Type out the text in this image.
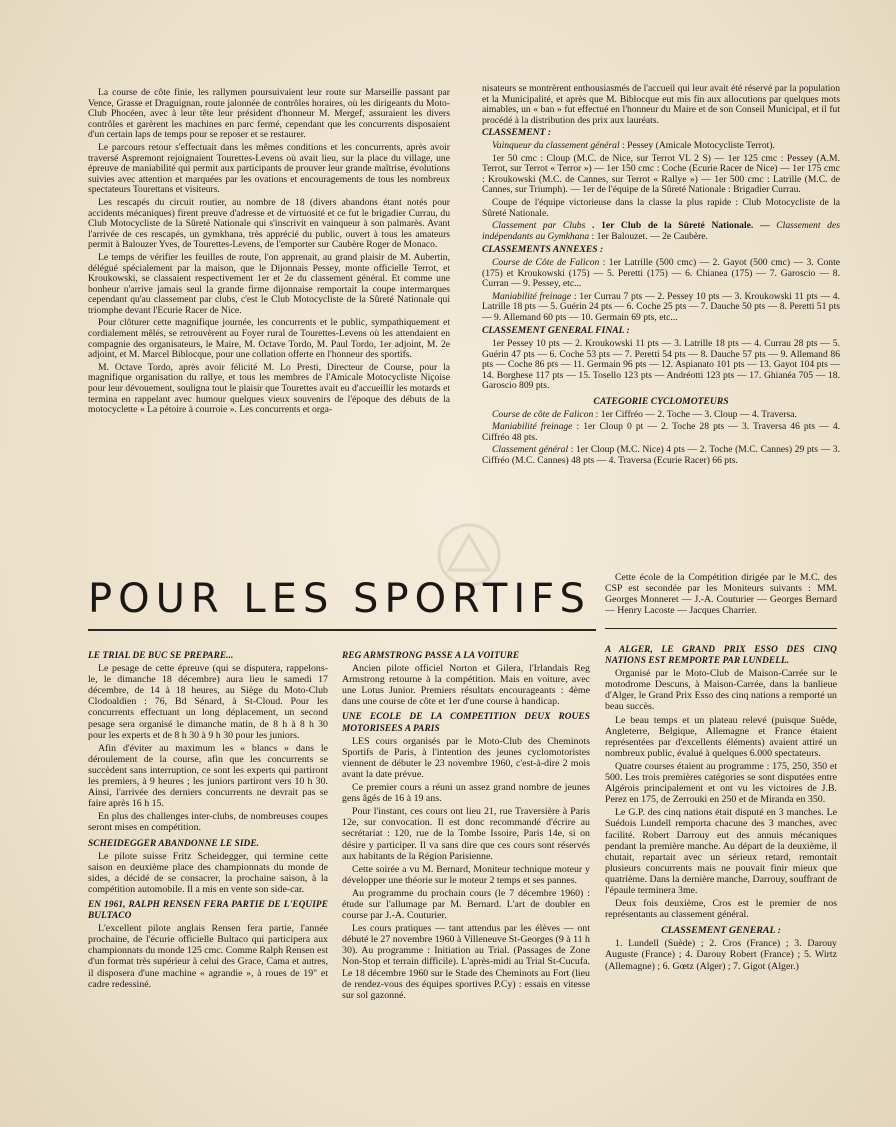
La course de côte finie, les rallymen poursuivaient leur route sur Marseille passant par Vence, Grasse et Draguignan, route jalonnée de contrôles horaires, où les dirigeants du Moto-Club Phocéen, avec à leur tête leur président d'honneur M. Mergef, assuraient les divers contrôles et garèrent les machines en parc fermé, cependant que les concurrents disposaient d'un certain laps de temps pour se reposer et se restaurer.

Le parcours retour s'effectuait dans les mêmes conditions et les concurrents, après avoir traversé Aspremont rejoignaient Tourettes-Levens où avait lieu, sur la place du village, une épreuve de maniabilité qui permit aux participants de prouver leur grande maîtrise, évolutions suivies avec attention et marquées par les ovations et encouragements de tous les nombreux spectateurs Tourettans et visiteurs.

Les rescapés du circuit routier, au nombre de 18 (divers abandons étant notés pour accidents mécaniques) firent preuve d'adresse et de virtuosité et ce fut le brigadier Currau, du Club Motocycliste de la Sûreté Nationale qui s'inscrivit en vainqueur à son palmarès. Avant l'arrivée de ces rescapés, un gymkhana, très apprécié du public, ouvert à tous les amateurs permit à Balouzer Yves, de Tourettes-Levens, de l'emporter sur Caubère Roger de Monaco.

Le temps de vérifier les feuilles de route, l'on apprenait, au grand plaisir de M. Aubertin, délégué spécialement par la maison, que le Dijonnais Pessey, monte officielle Terrot, et Kroukowski, se classaient respectivement 1er et 2e du classement général. Et comme une bonheur n'arrive jamais seul la grande firme dijonnaise remportait la coupe intermarques cependant qu'au classement par clubs, c'est le Club Motocycliste de la Sûreté Nationale qui triomphe devant l'Ecurie Racer de Nice.

Pour clôturer cette magnifique journée, les concurrents et le public, sympathiquement et cordialement mêlés, se retrouvèrent au Foyer rural de Tourettes-Levens où les attendaient en compagnie des organisateurs, le Maire, M. Octave Tordo, M. Paul Tordo, 1er adjoint, M. 2e adjoint, et M. Marcel Biblocque, pour une collation offerte en l'honneur des sportifs.

M. Octave Tordo, après avoir félicité M. Lo Presti, Directeur de Course, pour la magnifique organisation du rallye, et tous les membres de l'Amicale Motocycliste Niçoise pour leur dévouement, souligna tout le plaisir que Tourettes avait eu d'accueillir les motards et termina en rappelant avec humour quelques vieux souvenirs de l'époque des débuts de la motocyclette « La pétoire à courroie ». Les concurrents et orga-

nisateurs se montrèrent enthousiasmés de l'accueil qui leur avait été réservé par la population et la Municipalité, et après que M. Biblocque eut mis fin aux allocutions par quelques mots aimables, un « ban » fut effectué en l'honneur du Maire et de son Conseil Municipal, et il fut procédé à la distribution des prix aux lauréats.

CLASSEMENT :

Vainqueur du classement général : Pessey (Amicale Motocycliste Terrot).

1er 50 cmc : Cloup (M.C. de Nice, sur Terrot VL 2 S) — 1er 125 cmc : Pessey (A.M. Terrot, sur Terrot « Terror ») — 1er 150 cmc : Coche (Ecurie Racer de Nice) — 1er 175 cmc : Kroukowski (M.C. de Cannes, sur Terrot « Rallye ») — 1er 500 cmc : Latrille (M.C. de Cannes, sur Triumph). — 1er de l'équipe de la Sûreté Nationale : Brigadier Currau.

Coupe de l'équipe victorieuse dans la classe la plus rapide : Club Motocycliste de la Sûreté Nationale.

Classement par Clubs . 1er Club de la Sûreté Nationale. — Classement des indépendants au Gymkhana : 1er Balouzet. — 2e Caubère.

CLASSEMENTS ANNEXES :

Course de Côte de Falicon : 1er Latrille (500 cmc) — 2. Gayot (500 cmc) — 3. Conte (175) et Kroukowski (175) — 5. Peretti (175) — 6. Chianea (175) — 7. Garoscio — 8. Curran — 9. Pessey, etc...

Maniabilité freinage : 1er Currau 7 pts — 2. Pessey 10 pts — 3. Kroukowski 11 pts — 4. Latrille 18 pts — 5. Guérin 24 pts — 6. Coche 25 pts — 7. Dauche 50 pts — 8. Peretti 51 pts — 9. Allemand 60 pts — 10. Germain 69 pts, etc...

CLASSEMENT GENERAL FINAL :

1er Pessey 10 pts — 2. Kroukowski 11 pts — 3. Latrille 18 pts — 4. Currau 28 pts — 5. Guérin 47 pts — 6. Coche 53 pts — 7. Peretti 54 pts — 8. Dauche 57 pts — 9. Allemand 86 pts — Coche 86 pts — 11. Germain 96 pts — 12. Aspianato 101 pts — 13. Gayot 104 pts — 14. Borghese 117 pts — 15. Tosello 123 pts — Andréotti 123 pts — 17. Ghianéa 705 — 18. Garoscio 809 pts.

CATEGORIE CYCLOMOTEURS

Course de côte de Falicon : 1er Ciffréo — 2. Toche — 3. Cloup — 4. Traversa.

Maniabilité freinage : 1er Cloup 0 pt — 2. Toche 28 pts — 3. Traversa 46 pts — 4. Ciffréo 48 pts.

Classement général : 1er Cloup (M.C. Nice) 4 pts — 2. Toche (M.C. Cannes) 29 pts — 3. Ciffréo (M.C. Cannes) 48 pts — 4. Traversa (Ecurie Racer) 66 pts.

POUR LES SPORTIFS	Cette école de la Compétition dirigée par le M.C. des CSP est secondée par les Moniteurs suivants : MM. Georges Monneret — J.-A. Couturier — Georges Bernard — Henry Lacoste — Jacques Charrier.

LE TRIAL DE BUC SE PREPARE...

Le pesage de cette épreuve (qui se disputera, rappelons-le, le dimanche 18 décembre) aura lieu le samedi 17 décembre, de 14 à 18 heures, au Siège du Moto-Club Clodoaldien : 76, Bd Sénard, à St-Cloud. Pour les concurrents effectuant un long déplacement, un second pesage sera organisé le dimanche matin, de 8 h à 8 h 30 pour les experts et de 8 h 30 à 9 h 30 pour les juniors.

Afin d'éviter au maximum les « blancs » dans le déroulement de la course, afin que les concurrents se succèdent sans interruption, ce sont les experts qui partiront les premiers, à 9 heures ; les juniors partiront vers 10 h 30. Ainsi, l'arrivée des derniers concurrents ne devrait pas se faire après 16 h 15.

En plus des challenges inter-clubs, de nombreuses coupes seront mises en compétition.

SCHEIDEGGER ABANDONNE LE SIDE.

Le pilote suisse Fritz Scheidegger, qui termine cette saison en deuxième place des championnats du monde de sides, a décidé de se consacrer, la prochaine saison, à la compétition automobile. Il a mis en vente son side-car.

EN 1961, RALPH RENSEN FERA PARTIE DE L'EQUIPE BULTACO

L'excellent pilote anglais Rensen fera partie, l'année prochaine, de l'écurie officielle Bultaco qui participera aux championnats du monde 125 cmc. Comme Ralph Rensen est d'un format très supérieur à celui des Grace, Cama et autres, il disposera d'une machine « agrandie », à roues de 19" et cadre redessiné.

REG ARMSTRONG PASSE A LA VOITURE

Ancien pilote officiel Norton et Gilera, l'Irlandais Reg Armstrong retourne à la compétition. Mais en voiture, avec une Lotus Junior. Premiers résultats encourageants : 4ème dans une course de côte et 1er d'une course à handicap.

UNE ECOLE DE LA COMPETITION DEUX ROUES MOTORISEES A PARIS

LES cours organisés par le Moto-Club des Cheminots Sportifs de Paris, à l'intention des jeunes cyclomotoristes viennent de débuter le 23 novembre 1960, c'est-à-dire 2 mois avant la date prévue.

Ce premier cours a réuni un assez grand nombre de jeunes gens âgés de 16 à 19 ans.

Pour l'instant, ces cours ont lieu 21, rue Traversière à Paris 12e, sur convocation. Il est donc recommandé d'écrire au secrétariat : 120, rue de la Tombe Issoire, Paris 14e, si on désire y participer. Il va sans dire que ces cours sont réservés aux habitants de la Région Parisienne.

Cette soirée a vu M. Bernard, Moniteur technique moteur y développer une théorie sur le moteur 2 temps et ses pannes.

Au programme du prochain cours (le 7 décembre 1960) : étude sur l'allumage par M. Bernard. L'art de doubler en course par J.-A. Couturier.

Les cours pratiques — tant attendus par les élèves — ont débuté le 27 novembre 1960 à Villeneuve St-Georges (9 à 11 h 30). Au programme : Initiation au Trial. (Passages de Zone Non-Stop et terrain difficile). L'après-midi au Trial St-Cucufa. Le 18 décembre 1960 sur le Stade des Cheminots au Fort (lieu de rendez-vous des équipes sportives P.Cy) : essais en vitesse sur sol gazonné.

A ALGER, LE GRAND PRIX ESSO DES CINQ NATIONS EST REMPORTE PAR LUNDELL.

Organisé par le Moto-Club de Maison-Carrée sur le motodrome Descuns, à Maison-Carrée, dans la banlieue d'Alger, le Grand Prix Esso des cinq nations a remporté un beau succès.

Le beau temps et un plateau relevé (puisque Suède, Angleterre, Belgique, Allemagne et France étaient représentées par d'excellents éléments) avaient attiré un nombreux public, évalué à quelques 6.000 spectateurs.

Quatre courses étaient au programme : 175, 250, 350 et 500. Les trois premières catégories se sont disputées entre Algérois principalement et ont vu les victoires de J.B. Perez en 175, de Zerrouki en 250 et de Miranda en 350.

Le G.P. des cinq nations était disputé en 3 manches. Le Suédois Lundell remporta chacune des 3 manches, avec facilité. Robert Darrouy eut des annuis mécaniques pendant la première manche. Au départ de la deuxième, il chutait, repartait avec un sérieux retard, remontait plusieurs concurrents mais ne pouvait finir mieux que quatrième. Dans la dernière manche, Darrouy, souffrant de l'épaule terminera 3me.

Deux fois deuxième, Cros est le premier de nos représentants au classement général.

CLASSEMENT GENERAL :

1. Lundell (Suède) ; 2. Cros (France) ; 3. Darouy Auguste (France) ; 4. Darouy Robert (France) ; 5. Wirtz (Allemagne) ; 6. Gœtz (Alger) ; 7. Gigot (Alger.)
